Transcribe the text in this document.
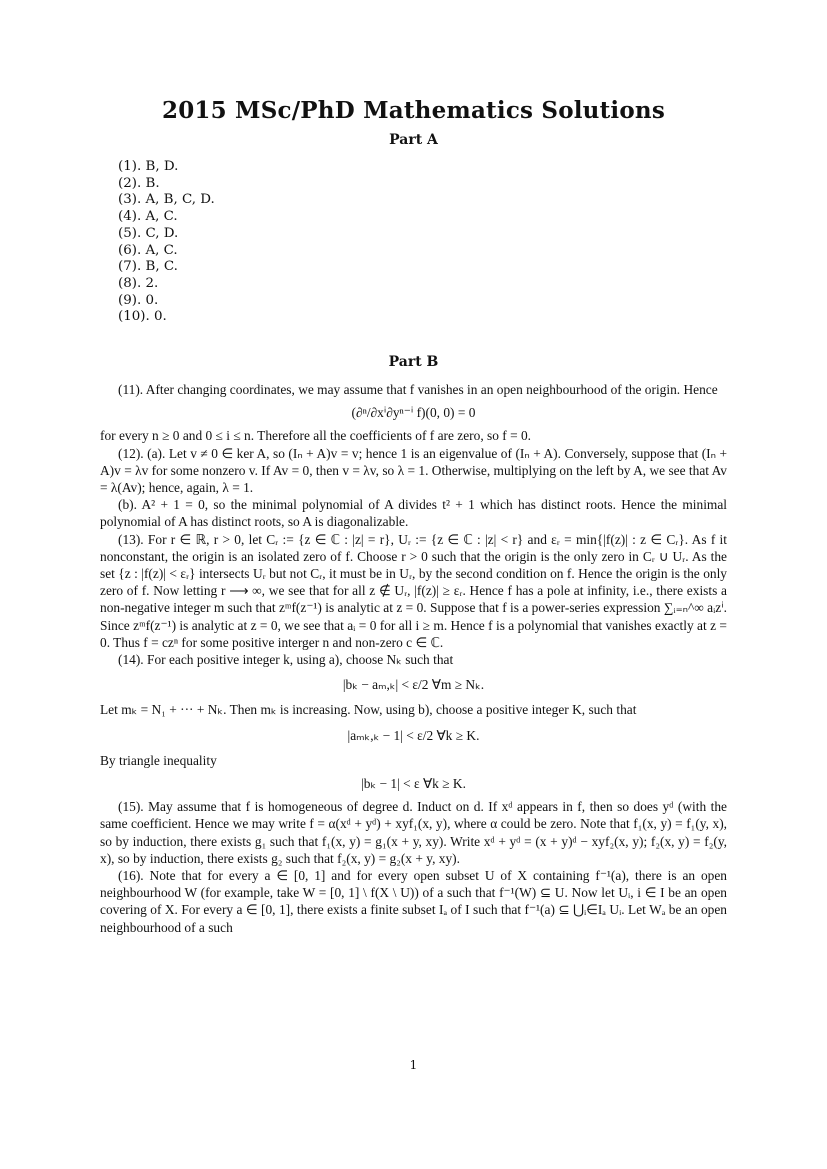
2015 MSc/PhD Mathematics Solutions
Part A
(1). B, D.
(2). B.
(3). A, B, C, D.
(4). A, C.
(5). C, D.
(6). A, C.
(7). B, C.
(8). 2.
(9). 0.
(10). 0.
Part B

(11). After changing coordinates, we may assume that f vanishes in an open neighbourhood of the origin. Hence

(∂ⁿ/∂xⁱ∂yⁿ⁻ⁱ f)(0, 0) = 0

for every n ≥ 0 and 0 ≤ i ≤ n. Therefore all the coefficients of f are zero, so f = 0.

(12). (a). Let v ≠ 0 ∈ ker A, so (Iₙ + A)v = v; hence 1 is an eigenvalue of (Iₙ + A). Conversely, suppose that (Iₙ + A)v = λv for some nonzero v. If Av = 0, then v = λv, so λ = 1. Otherwise, multiplying on the left by A, we see that Av = λ(Av); hence, again, λ = 1.

(b). A² + 1 = 0, so the minimal polynomial of A divides t² + 1 which has distinct roots. Hence the minimal polynomial of A has distinct roots, so A is diagonalizable.

(13). For r ∈ ℝ, r > 0, let Cᵣ := {z ∈ ℂ : |z| = r}, Uᵣ := {z ∈ ℂ : |z| < r} and εᵣ = min{|f(z)| : z ∈ Cᵣ}. As f it nonconstant, the origin is an isolated zero of f. Choose r > 0 such that the origin is the only zero in Cᵣ ∪ Uᵣ. As the set {z : |f(z)| < εᵣ} intersects Uᵣ but not Cᵣ, it must be in Uᵣ, by the second condition on f. Hence the origin is the only zero of f. Now letting r ⟶ ∞, we see that for all z ∉ Uᵣ, |f(z)| ≥ εᵣ. Hence f has a pole at infinity, i.e., there exists a non-negative integer m such that zᵐf(z⁻¹) is analytic at z = 0. Suppose that f is a power-series expression ∑ᵢ₌ₙ^∞ aᵢzⁱ. Since zᵐf(z⁻¹) is analytic at z = 0, we see that aᵢ = 0 for all i ≥ m. Hence f is a polynomial that vanishes exactly at z = 0. Thus f = czⁿ for some positive interger n and non-zero c ∈ ℂ.

(14). For each positive integer k, using a), choose Nₖ such that

|bₖ − aₘ,ₖ| < ε/2 ∀m ≥ Nₖ.

Let mₖ = N₁ + ··· + Nₖ. Then mₖ is increasing. Now, using b), choose a positive integer K, such that

|aₘₖ,ₖ − 1| < ε/2 ∀k ≥ K.

By triangle inequality

|bₖ − 1| < ε ∀k ≥ K.

(15). May assume that f is homogeneous of degree d. Induct on d. If xᵈ appears in f, then so does yᵈ (with the same coefficient. Hence we may write f = α(xᵈ + yᵈ) + xyf₁(x, y), where α could be zero. Note that f₁(x, y) = f₁(y, x), so by induction, there exists g₁ such that f₁(x, y) = g₁(x + y, xy). Write xᵈ + yᵈ = (x + y)ᵈ − xyf₂(x, y); f₂(x, y) = f₂(y, x), so by induction, there exists g₂ such that f₂(x, y) = g₂(x + y, xy).

(16). Note that for every a ∈ [0, 1] and for every open subset U of X containing f⁻¹(a), there is an open neighbourhood W (for example, take W = [0, 1] \ f(X \ U)) of a such that f⁻¹(W) ⊆ U. Now let Uᵢ, i ∈ I be an open covering of X. For every a ∈ [0, 1], there exists a finite subset Iₐ of I such that f⁻¹(a) ⊆ ⋃ᵢ∈Iₐ Uᵢ. Let Wₐ be an open neighbourhood of a such

1
